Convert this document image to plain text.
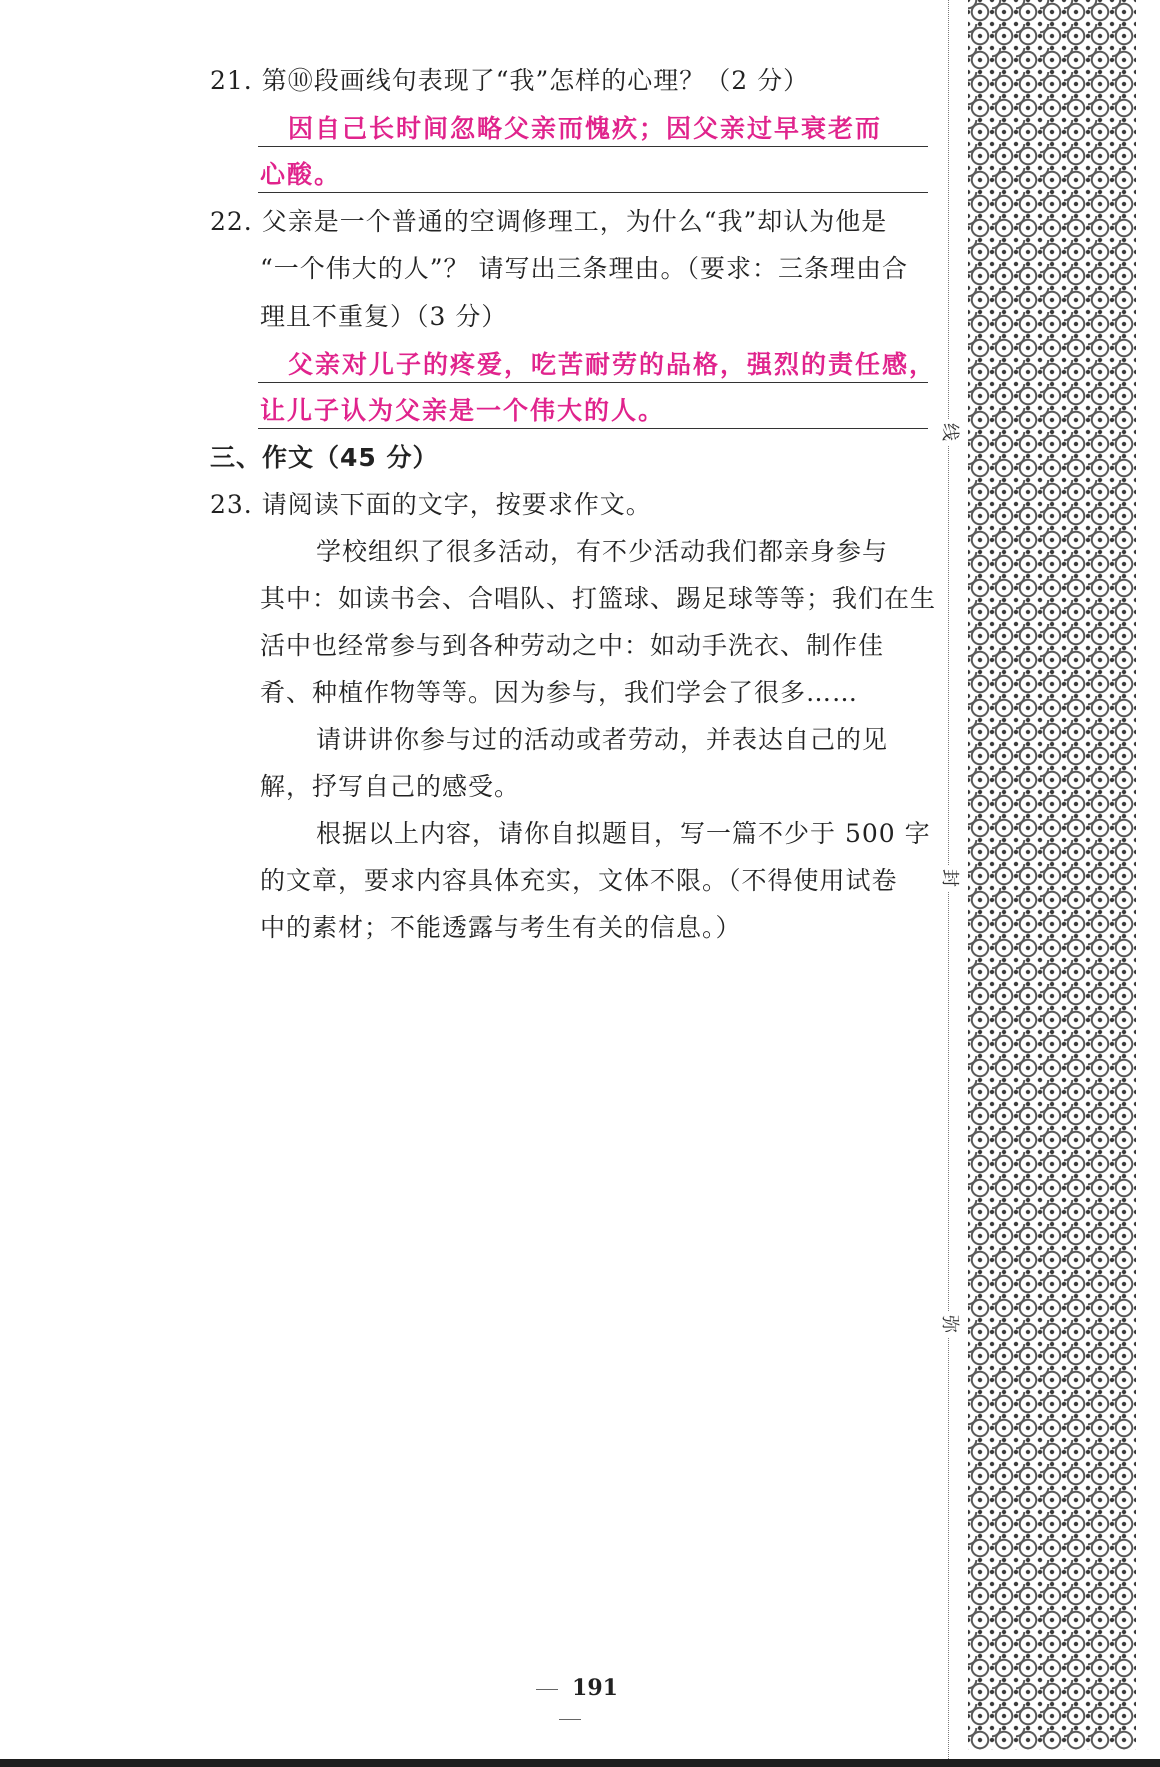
21. 第⑩段画线句表现了“我”怎样的心理？（2 分）
因自己长时间忽略父亲而愧疚；因父亲过早衰老而
心酸。
22. 父亲是一个普通的空调修理工，为什么“我”却认为他是
“一个伟大的人”？ 请写出三条理由。（要求：三条理由合
理且不重复）（3 分）
父亲对儿子的疼爱，吃苦耐劳的品格，强烈的责任感，
让儿子认为父亲是一个伟大的人。
三、作文（45 分）
23. 请阅读下面的文字，按要求作文。
学校组织了很多活动，有不少活动我们都亲身参与
其中：如读书会、合唱队、打篮球、踢足球等等；我们在生
活中也经常参与到各种劳动之中：如动手洗衣、制作佳
肴、种植作物等等。因为参与，我们学会了很多……
请讲讲你参与过的活动或者劳动，并表达自己的见
解，抒写自己的感受。
根据以上内容，请你自拟题目，写一篇不少于 500 字
的文章，要求内容具体充实，文体不限。（不得使用试卷
中的素材；不能透露与考生有关的信息。）
191
线
封
弥
